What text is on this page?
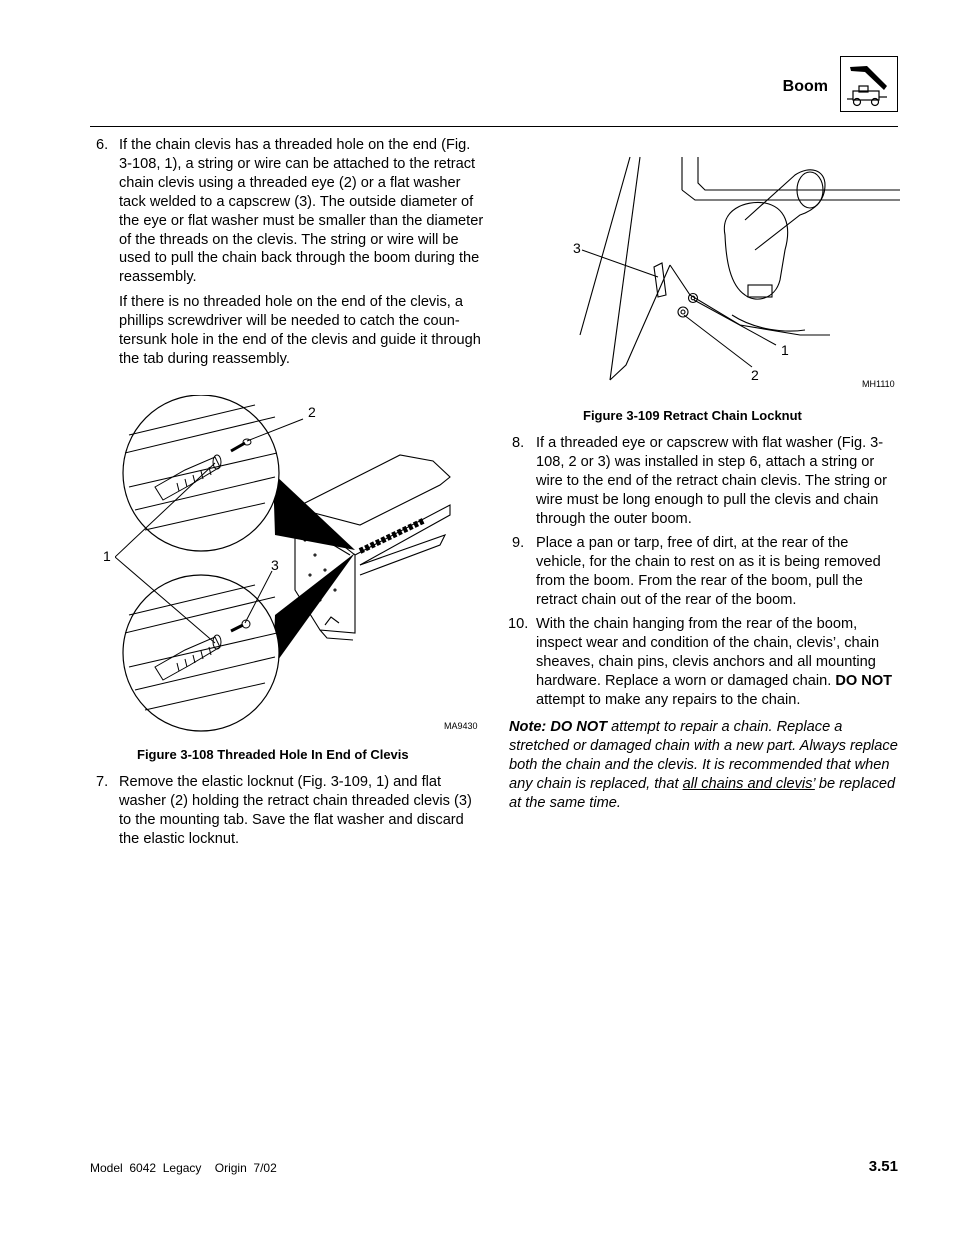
Boom
6. If the chain clevis has a threaded hole on the end (Fig. 3-108, 1), a string or wire can be attached to the retract chain clevis using a threaded eye (2) or a flat washer tack welded to a capscrew (3). The outside diameter of the eye or flat washer must be smaller than the diameter of the threads on the clevis. The string or wire will be used to pull the chain back through the boom during the reassembly.
If there is no threaded hole on the end of the clevis, a phillips screwdriver will be needed to catch the coun-tersunk hole in the end of the clevis and guide it through the tab during reassembly.
2
1
3
MA9430
Figure 3-108 Threaded Hole In End of Clevis
7. Remove the elastic locknut (Fig. 3-109, 1) and flat washer (2) holding the retract chain threaded clevis (3) to the mounting tab. Save the flat washer and discard the elastic locknut.
3
1
2
MH1110
Figure 3-109 Retract Chain Locknut
8. If a threaded eye or capscrew with flat washer (Fig. 3-108, 2 or 3) was installed in step 6, attach a string or wire to the end of the retract chain clevis. The string or wire must be long enough to pull the clevis and chain through the outer boom.
9. Place a pan or tarp, free of dirt, at the rear of the vehicle, for the chain to rest on as it is being removed from the boom. From the rear of the boom, pull the retract chain out of the rear of the boom.
10. With the chain hanging from the rear of the boom, inspect wear and condition of the chain, clevis’, chain sheaves, chain pins, clevis anchors and all mounting hardware. Replace a worn or damaged chain. DO NOT attempt to make any repairs to the chain.
Note: DO NOT attempt to repair a chain. Replace a stretched or damaged chain with a new part. Always replace both the chain and the clevis. It is recommended that when any chain is replaced, that all chains and clevis’ be replaced at the same time.
Model  6042  Legacy    Origin  7/02	3.51
